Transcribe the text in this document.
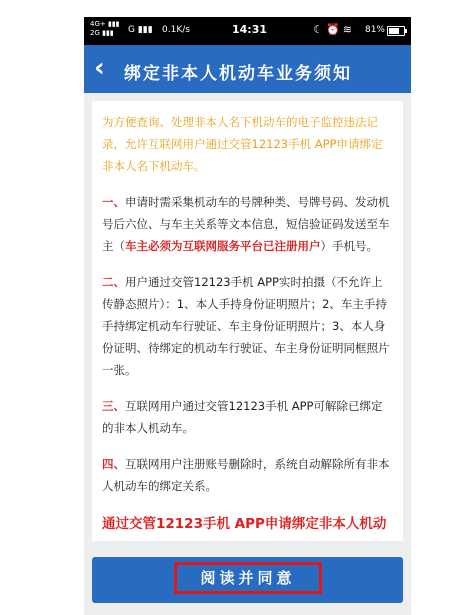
4G+ ▮▮▮
2G ▮▮▮	G ▮▮▮ 0.1K/s	14:31	☾⏰≋ 81%
‹	绑定非本人机动车业务须知

为方便查询、处理非本人名下机动车的电子监控违法记录，允许互联网用户通过交管12123手机 APP申请绑定非本人名下机动车。

一、申请时需采集机动车的号牌种类、号牌号码、发动机号后六位、与车主关系等文本信息，短信验证码发送至车主（车主必须为互联网服务平台已注册用户）手机号。

二、用户通过交管12123手机 APP实时拍摄（不允许上传静态照片）：1、本人手持身份证明照片；2、车主手持手持绑定机动车行驶证、车主身份证明照片；3、本人身份证明、待绑定的机动车行驶证、车主身份证明同框照片一张。

三、互联网用户通过交管12123手机 APP可解除已绑定的非本人机动车。

四、互联网用户注册账号删除时，系统自动解除所有非本人机动车的绑定关系。

通过交管12123手机 APP申请绑定非本人机动

阅读并同意
